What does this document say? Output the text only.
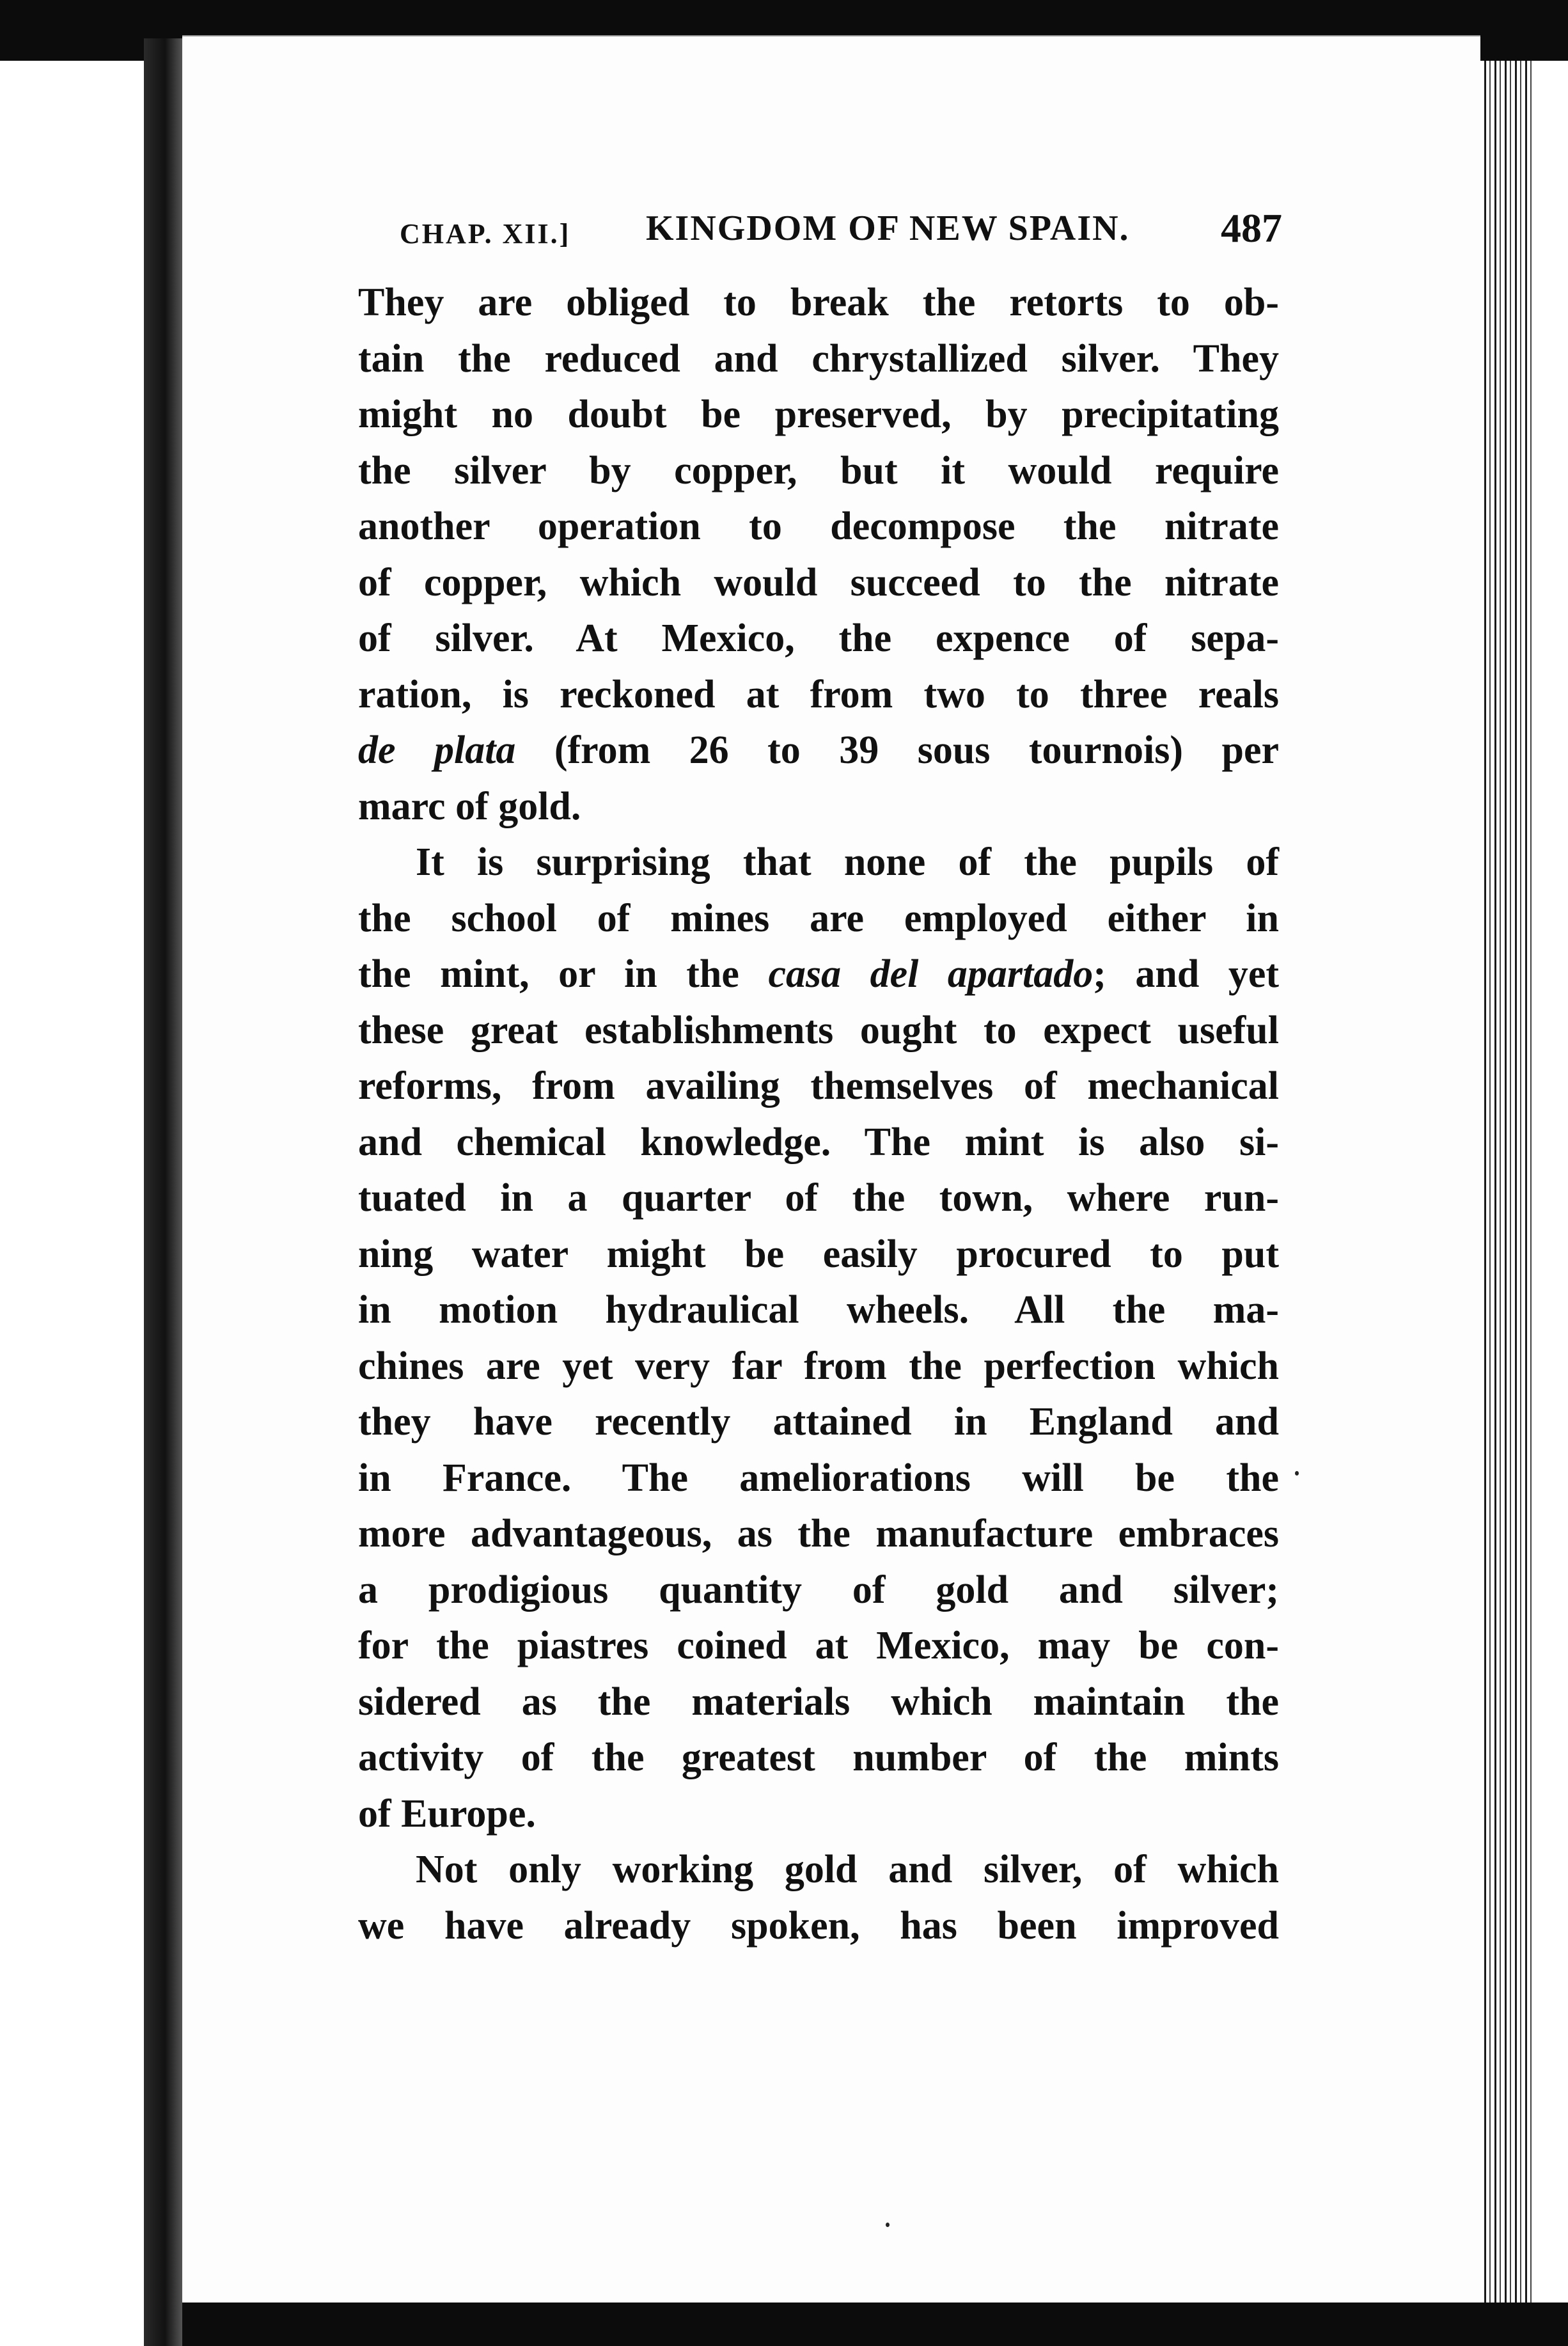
CHAP. XII.] KINGDOM OF NEW SPAIN. 487
They are obliged to break the retorts to ob-
tain the reduced and chrystallized silver. They
might no doubt be preserved, by precipitating
the silver by copper, but it would require
another operation to decompose the nitrate
of copper, which would succeed to the nitrate
of silver. At Mexico, the expence of sepa-
ration, is reckoned at from two to three reals
de plata (from 26 to 39 sous tournois) per
marc of gold.
It is surprising that none of the pupils of
the school of mines are employed either in
the mint, or in the casa del apartado; and yet
these great establishments ought to expect useful
reforms, from availing themselves of mechanical
and chemical knowledge. The mint is also si-
tuated in a quarter of the town, where run-
ning water might be easily procured to put
in motion hydraulical wheels. All the ma-
chines are yet very far from the perfection which
they have recently attained in England and
in France. The ameliorations will be the
more advantageous, as the manufacture embraces
a prodigious quantity of gold and silver;
for the piastres coined at Mexico, may be con-
sidered as the materials which maintain the
activity of the greatest number of the mints
of Europe.
Not only working gold and silver, of which
we have already spoken, has been improved
